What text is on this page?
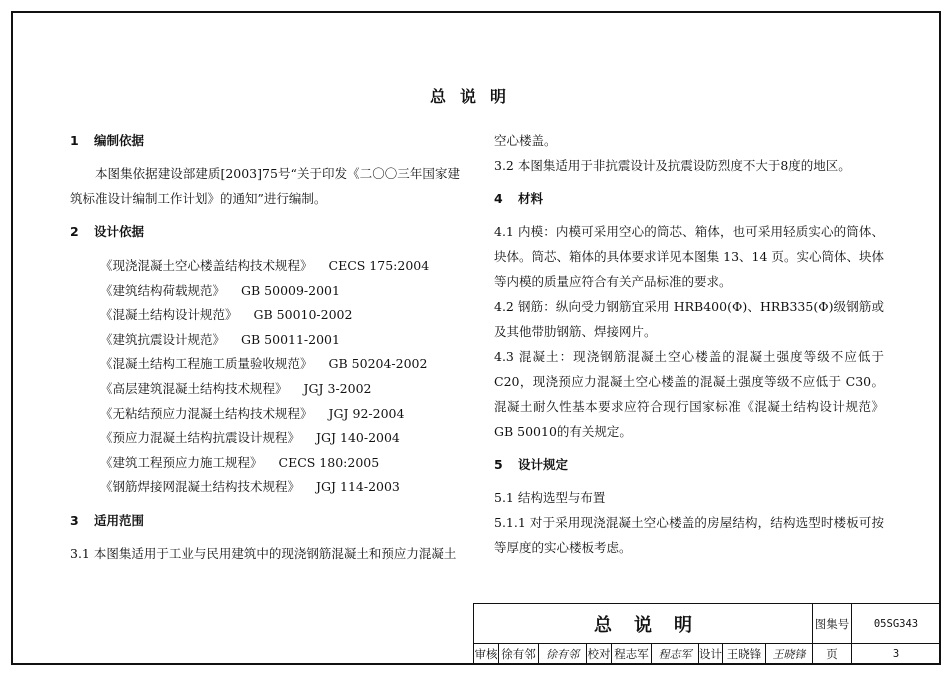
总说明

1 编制依据

本图集依据建设部建质[2003]75号“关于印发《二〇〇三年国家建筑标准设计编制工作计划》的通知”进行编制。

2 设计依据

《现浇混凝土空心楼盖结构技术规程》 CECS 175:2004

《建筑结构荷载规范》 GB 50009-2001

《混凝土结构设计规范》 GB 50010-2002

《建筑抗震设计规范》 GB 50011-2001

《混凝土结构工程施工质量验收规范》 GB 50204-2002

《高层建筑混凝土结构技术规程》 JGJ 3-2002

《无粘结预应力混凝土结构技术规程》 JGJ 92-2004

《预应力混凝土结构抗震设计规程》 JGJ 140-2004

《建筑工程预应力施工规程》 CECS 180:2005

《钢筋焊接网混凝土结构技术规程》 JGJ 114-2003

3 适用范围

3.1 本图集适用于工业与民用建筑中的现浇钢筋混凝土和预应力混凝土

空心楼盖。

3.2 本图集适用于非抗震设计及抗震设防烈度不大于8度的地区。

4 材料

4.1 内模：内模可采用空心的筒芯、箱体，也可采用轻质实心的筒体、块体。筒芯、箱体的具体要求详见本图集 13、14 页。实心筒体、块体等内模的质量应符合有关产品标准的要求。

4.2 钢筋：纵向受力钢筋宜采用 HRB400(Ф)、HRB335(Ф)级钢筋或及其他带肋钢筋、焊接网片。

4.3 混凝土：现浇钢筋混凝土空心楼盖的混凝土强度等级不应低于 C20，现浇预应力混凝土空心楼盖的混凝土强度等级不应低于 C30。混凝土耐久性基本要求应符合现行国家标准《混凝土结构设计规范》GB 50010的有关规定。

5 设计规定

5.1 结构选型与布置

5.1.1 对于采用现浇混凝土空心楼盖的房屋结构，结构选型时楼板可按等厚度的实心楼板考虑。

总说明
审核 徐有邻 徐有邻 校对 程志军 程志军 设计 王晓锋	王晓锋
图集号	05SG343
页	3
